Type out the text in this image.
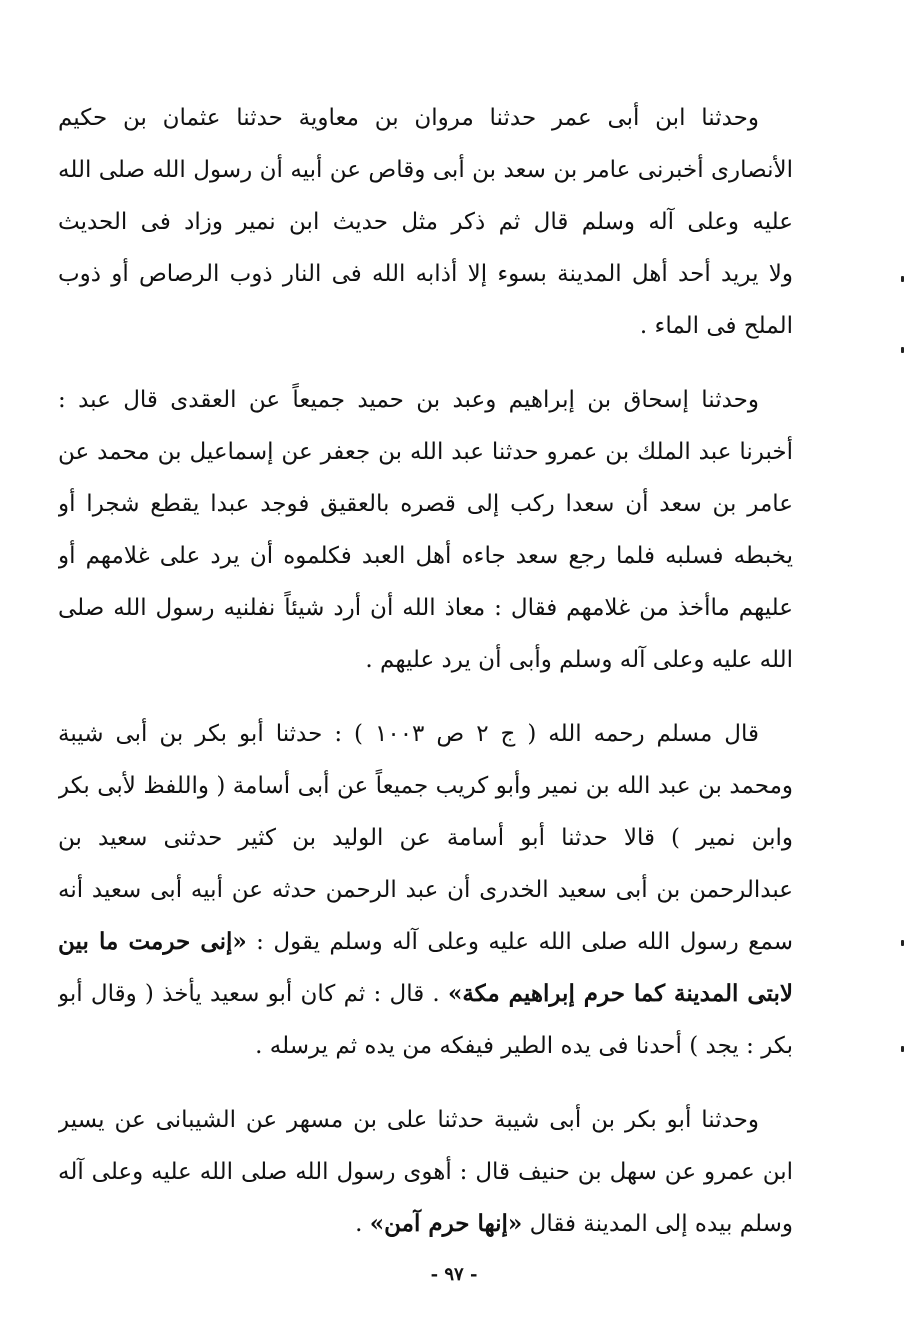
وحدثنا ابن أبى عمر حدثنا مروان بن معاوية حدثنا عثمان بن حكيم
الأنصارى أخبرنى عامر بن سعد بن أبى وقاص عن أبيه أن رسول الله صلى الله
عليه وعلى آله وسلم قال ثم ذكر مثل حديث ابن نمير وزاد فى الحديث
ولا يريد أحد أهل المدينة بسوء إلا أذابه الله فى النار ذوب الرصاص أو ذوب
الملح فى الماء .
وحدثنا إسحاق بن إبراهيم وعبد بن حميد جميعاً عن العقدى قال عبد :
أخبرنا عبد الملك بن عمرو حدثنا عبد الله بن جعفر عن إسماعيل بن محمد عن
عامر بن سعد أن سعدا ركب إلى قصره بالعقيق فوجد عبدا يقطع شجرا أو
يخبطه فسلبه فلما رجع سعد جاءه أهل العبد فكلموه أن يرد على غلامهم أو
عليهم ماأخذ من غلامهم فقال : معاذ الله أن أرد شيئاً نفلنيه رسول الله صلى
الله عليه وعلى آله وسلم وأبى أن يرد عليهم .
قال مسلم رحمه الله ( ج ٢ ص ١٠٠٣ ) : حدثنا أبو بكر بن أبى شيبة
ومحمد بن عبد الله بن نمير وأبو كريب جميعاً عن أبى أسامة ( واللفظ لأبى بكر
وابن نمير ) قالا حدثنا أبو أسامة عن الوليد بن كثير حدثنى سعيد بن
عبدالرحمن بن أبى سعيد الخدرى أن عبد الرحمن حدثه عن أبيه أبى سعيد أنه
سمع رسول الله صلى الله عليه وعلى آله وسلم يقول : «إنى حرمت ما بين
لابتى المدينة كما حرم إبراهيم مكة» . قال : ثم كان أبو سعيد يأخذ ( وقال أبو
بكر : يجد ) أحدنا فى يده الطير فيفكه من يده ثم يرسله .
وحدثنا أبو بكر بن أبى شيبة حدثنا على بن مسهر عن الشيبانى عن يسير
ابن عمرو عن سهل بن حنيف قال : أهوى رسول الله صلى الله عليه وعلى آله
وسلم بيده إلى المدينة فقال «إنها حرم آمن» .
- ٩٧ -
